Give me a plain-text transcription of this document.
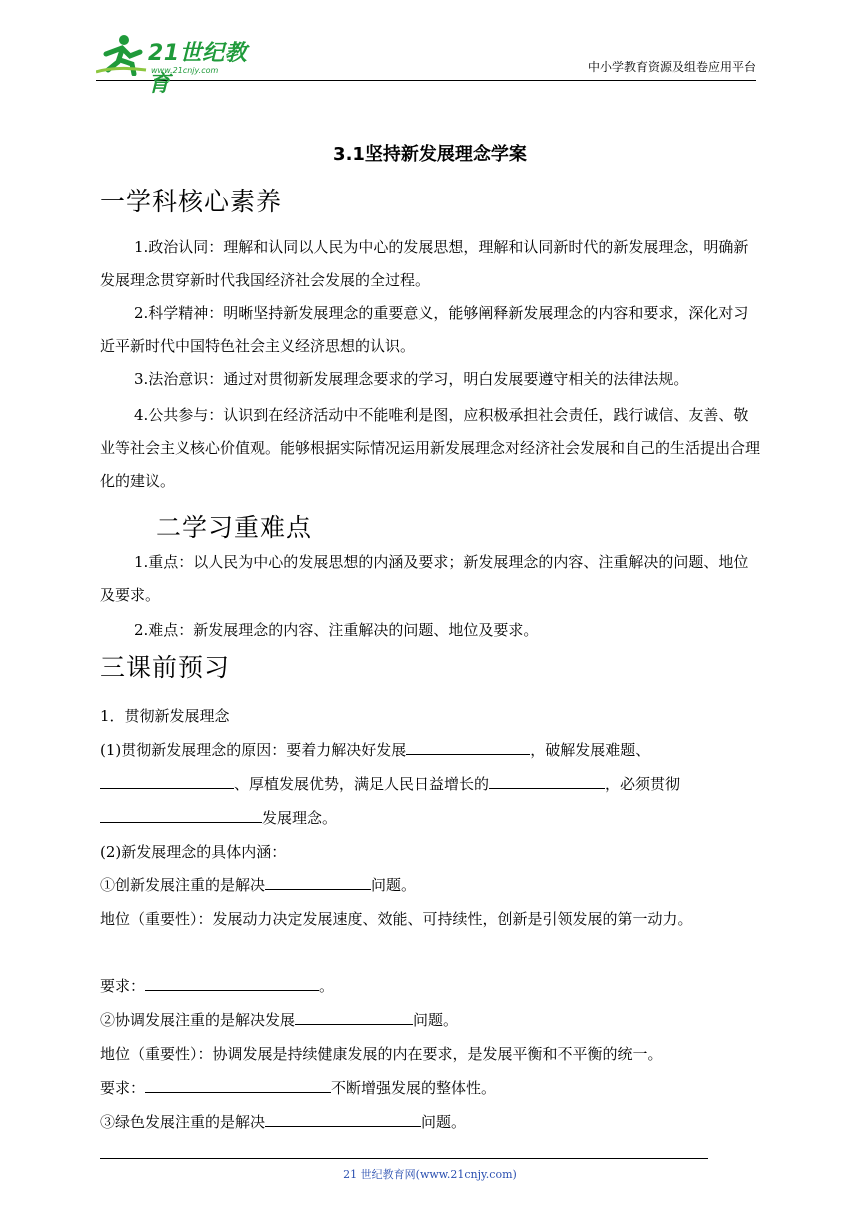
21世纪教育
www.21cnjy.com	中小学教育资源及组卷应用平台
3.1坚持新发展理念学案
一学科核心素养

1.政治认同：理解和认同以人民为中心的发展思想，理解和认同新时代的新发展理念，明确新发展理念贯穿新时代我国经济社会发展的全过程。

2.科学精神：明晰坚持新发展理念的重要意义，能够阐释新发展理念的内容和要求，深化对习近平新时代中国特色社会主义经济思想的认识。

3.法治意识：通过对贯彻新发展理念要求的学习，明白发展要遵守相关的法律法规。

4.公共参与：认识到在经济活动中不能唯利是图，应积极承担社会责任，践行诚信、友善、敬业等社会主义核心价值观。能够根据实际情况运用新发展理念对经济社会发展和自己的生活提出合理化的建议。

二学习重难点

1.重点：以人民为中心的发展思想的内涵及要求；新发展理念的内容、注重解决的问题、地位及要求。

2.难点：新发展理念的内容、注重解决的问题、地位及要求。

三课前预习
1．贯彻新发展理念
(1)贯彻新发展理念的原因：要着力解决好发展	，破解发展难题、
、厚植发展优势，满足人民日益增长的	，必须贯彻
发展理念。
(2)新发展理念的具体内涵：
①创新发展注重的是解决	问题。

地位（重要性）：发展动力决定发展速度、效能、可持续性，创新是引领发展的第一动力。

要求：	。
②协调发展注重的是解决发展	问题。
地位（重要性）：协调发展是持续健康发展的内在要求，是发展平衡和不平衡的统一。
要求：	不断增强发展的整体性。
③绿色发展注重的是解决	问题。
21 世纪教育网(www.21cnjy.com)
